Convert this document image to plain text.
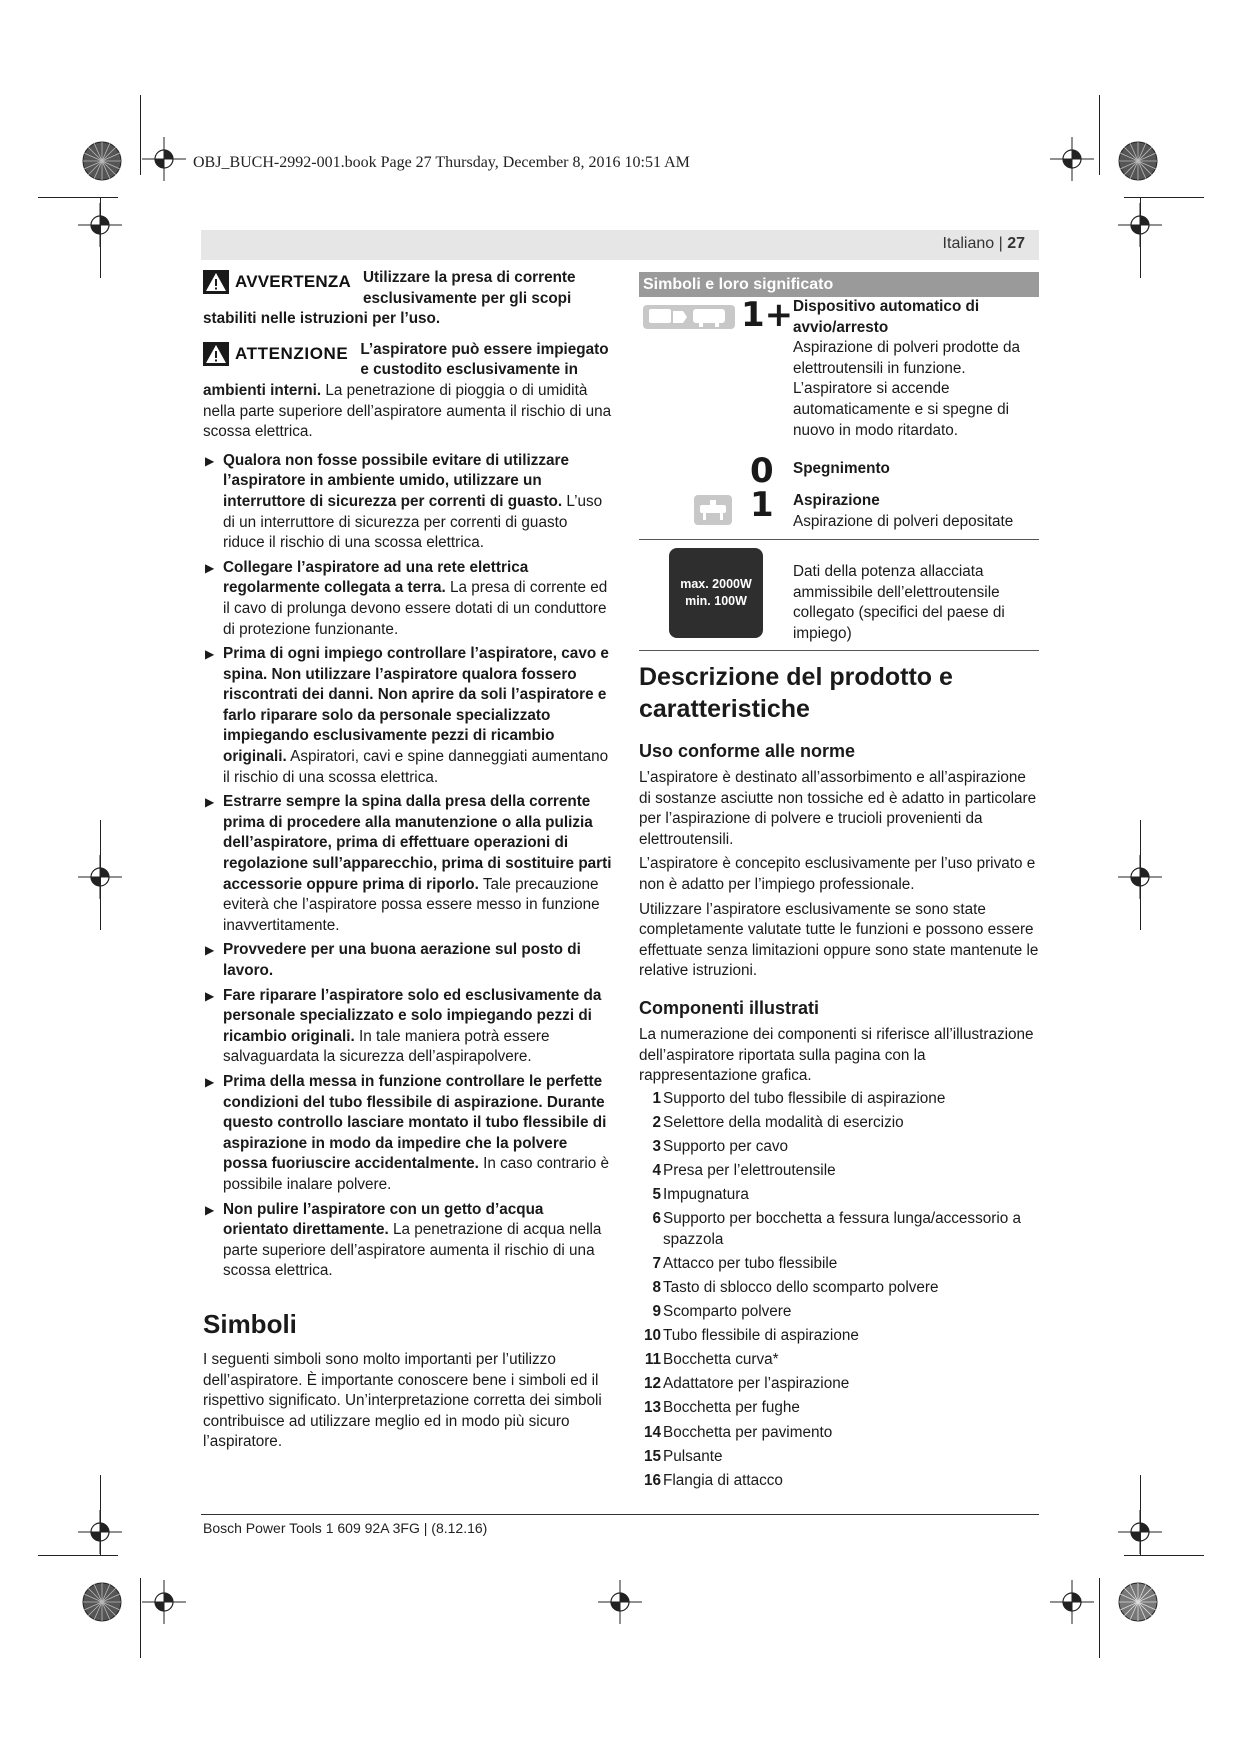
OBJ_BUCH-2992-001.book Page 27 Thursday, December 8, 2016 10:51 AM
Italiano | 27
AVVERTENZA Utilizzare la presa di corrente esclusivamente per gli scopi stabiliti nelle istruzioni per l’uso.

ATTENZIONE L’aspiratore può essere impiegato e custodito esclusivamente in ambienti interni. La penetrazione di pioggia o di umidità nella parte superiore dell’aspiratore aumenta il rischio di una scossa elettrica.

▶ Qualora non fosse possibile evitare di utilizzare l’aspiratore in ambiente umido, utilizzare un interruttore di sicurezza per correnti di guasto. L’uso di un interruttore di sicurezza per correnti di guasto riduce il rischio di una scossa elettrica.
▶ Collegare l’aspiratore ad una rete elettrica regolarmente collegata a terra. La presa di corrente ed il cavo di prolunga devono essere dotati di un conduttore di protezione funzionante.
▶ Prima di ogni impiego controllare l’aspiratore, cavo e spina. Non utilizzare l’aspiratore qualora fossero riscontrati dei danni. Non aprire da soli l’aspiratore e farlo riparare solo da personale specializzato impiegando esclusivamente pezzi di ricambio originali. Aspiratori, cavi e spine danneggiati aumentano il rischio di una scossa elettrica.
▶ Estrarre sempre la spina dalla presa della corrente prima di procedere alla manutenzione o alla pulizia dell’aspiratore, prima di effettuare operazioni di regolazione sull’apparecchio, prima di sostituire parti accessorie oppure prima di riporlo. Tale precauzione eviterà che l’aspiratore possa essere messo in funzione inavvertitamente.
▶ Provvedere per una buona aerazione sul posto di lavoro.
▶ Fare riparare l’aspiratore solo ed esclusivamente da personale specializzato e solo impiegando pezzi di ricambio originali. In tale maniera potrà essere salvaguardata la sicurezza dell’aspirapolvere.
▶ Prima della messa in funzione controllare le perfette condizioni del tubo flessibile di aspirazione. Durante questo controllo lasciare montato il tubo flessibile di aspirazione in modo da impedire che la polvere possa fuoriuscire accidentalmente. In caso contrario è possibile inalare polvere.
▶ Non pulire l’aspiratore con un getto d’acqua orientato direttamente. La penetrazione di acqua nella parte superiore dell’aspiratore aumenta il rischio di una scossa elettrica.
Simboli

I seguenti simboli sono molto importanti per l’utilizzo dell’aspiratore. È importante conoscere bene i simboli ed il rispettivo significato. Un’interpretazione corretta dei simboli contribuisce ad utilizzare meglio ed in modo più sicuro l’aspiratore.

Simboli e loro significato
1+ Dispositivo automatico di avvio/arresto

Aspirazione di polveri prodotte da elettroutensili in funzione.

L’aspiratore si accende automaticamente e si spegne di nuovo in modo ritardato.

0 Spegnimento

1 Aspirazione

Aspirazione di polveri depositate

max. 2000W
min. 100W

Dati della potenza allacciata ammissibile dell’elettroutensile collegato (specifici del paese di impiego)

Descrizione del prodotto e caratteristiche
Uso conforme alle norme

L’aspiratore è destinato all’assorbimento e all’aspirazione di sostanze asciutte non tossiche ed è adatto in particolare per l’aspirazione di polvere e trucioli provenienti da elettroutensili.

L’aspiratore è concepito esclusivamente per l’uso privato e non è adatto per l’impiego professionale.

Utilizzare l’aspiratore esclusivamente se sono state completamente valutate tutte le funzioni e possono essere effettuate senza limitazioni oppure sono state mantenute le relative istruzioni.

Componenti illustrati

La numerazione dei componenti si riferisce all’illustrazione dell’aspiratore riportata sulla pagina con la rappresentazione grafica.

1 Supporto del tubo flessibile di aspirazione
2 Selettore della modalità di esercizio
3 Supporto per cavo
4 Presa per l’elettroutensile
5 Impugnatura
6 Supporto per bocchetta a fessura lunga/accessorio a spazzola
7 Attacco per tubo flessibile
8 Tasto di sblocco dello scomparto polvere
9 Scomparto polvere
10 Tubo flessibile di aspirazione
11 Bocchetta curva*
12 Adattatore per l’aspirazione
13 Bocchetta per fughe
14 Bocchetta per pavimento
15 Pulsante
16 Flangia di attacco
Bosch Power Tools 1 609 92A 3FG | (8.12.16)
